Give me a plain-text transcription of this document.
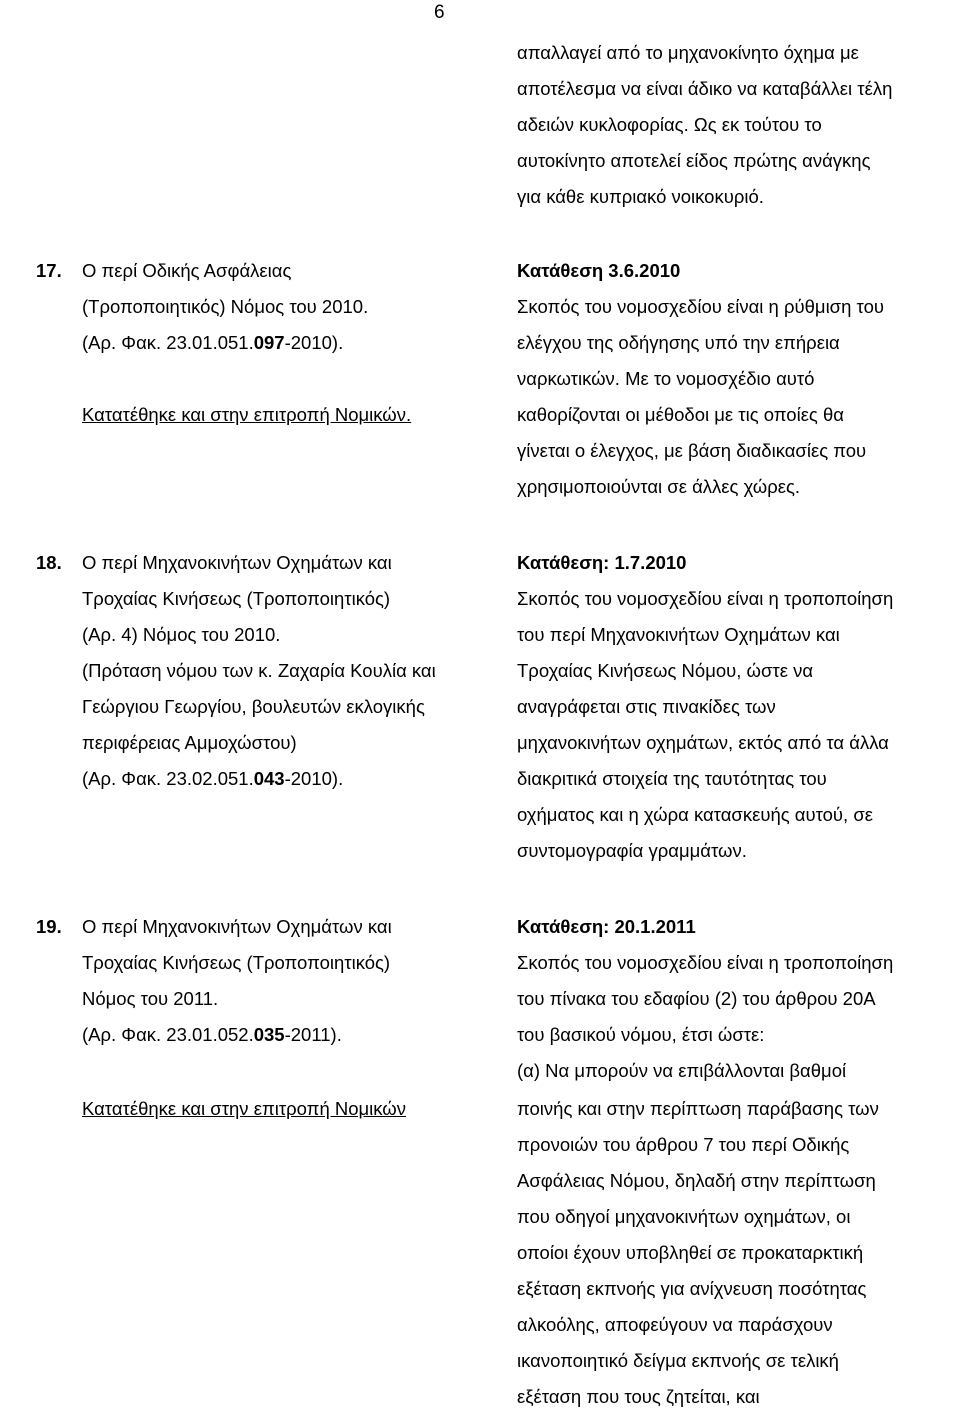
6
απαλλαγεί από το μηχανοκίνητο όχημα με
αποτέλεσμα να είναι άδικο να καταβάλλει τέλη
αδειών κυκλοφορίας. Ως εκ τούτου το
αυτοκίνητο αποτελεί είδος πρώτης ανάγκης
για κάθε κυπριακό νοικοκυριό.
17. Ο περί Οδικής Ασφάλειας
(Τροποποιητικός) Νόμος του 2010.
(Αρ. Φακ. 23.01.051.097-2010).
Κατατέθηκε και στην επιτροπή Νομικών.
Κατάθεση 3.6.2010
Σκοπός του νομοσχεδίου είναι η ρύθμιση του
ελέγχου της οδήγησης υπό την επήρεια
ναρκωτικών. Με το νομοσχέδιο αυτό
καθορίζονται οι μέθοδοι με τις οποίες θα
γίνεται ο έλεγχος, με βάση διαδικασίες που
χρησιμοποιούνται σε άλλες χώρες.
18. Ο περί Μηχανοκινήτων Οχημάτων και
Τροχαίας Κινήσεως (Τροποποιητικός)
(Αρ. 4) Νόμος του 2010.
(Πρόταση νόμου των κ. Ζαχαρία Κουλία και
Γεώργιου Γεωργίου, βουλευτών εκλογικής
περιφέρειας Αμμοχώστου)
(Αρ. Φακ. 23.02.051.043-2010).
Κατάθεση: 1.7.2010
Σκοπός του νομοσχεδίου είναι η τροποποίηση
του περί Μηχανοκινήτων Οχημάτων και
Τροχαίας Κινήσεως Νόμου, ώστε να
αναγράφεται στις πινακίδες των
μηχανοκινήτων οχημάτων, εκτός από τα άλλα
διακριτικά στοιχεία της ταυτότητας του
οχήματος και η χώρα κατασκευής αυτού, σε
συντομογραφία γραμμάτων.
19. Ο περί Μηχανοκινήτων Οχημάτων και
Τροχαίας Κινήσεως (Τροποποιητικός)
Νόμος του 2011.
(Αρ. Φακ. 23.01.052.035-2011).
Κατατέθηκε και στην επιτροπή Νομικών
Κατάθεση: 20.1.2011
Σκοπός του νομοσχεδίου είναι η τροποποίηση
του πίνακα του εδαφίου (2) του άρθρου 20Α
του βασικού νόμου, έτσι ώστε:
(α) Να μπορούν να επιβάλλονται βαθμοί
ποινής και στην περίπτωση παράβασης των
προνοιών του άρθρου 7 του περί Οδικής
Ασφάλειας Νόμου, δηλαδή στην περίπτωση
που οδηγοί μηχανοκινήτων οχημάτων, οι
οποίοι έχουν υποβληθεί σε προκαταρκτική
εξέταση εκπνοής για ανίχνευση ποσότητας
αλκοόλης, αποφεύγουν να παράσχουν
ικανοποιητικό δείγμα εκπνοής σε τελική
εξέταση που τους ζητείται, και
